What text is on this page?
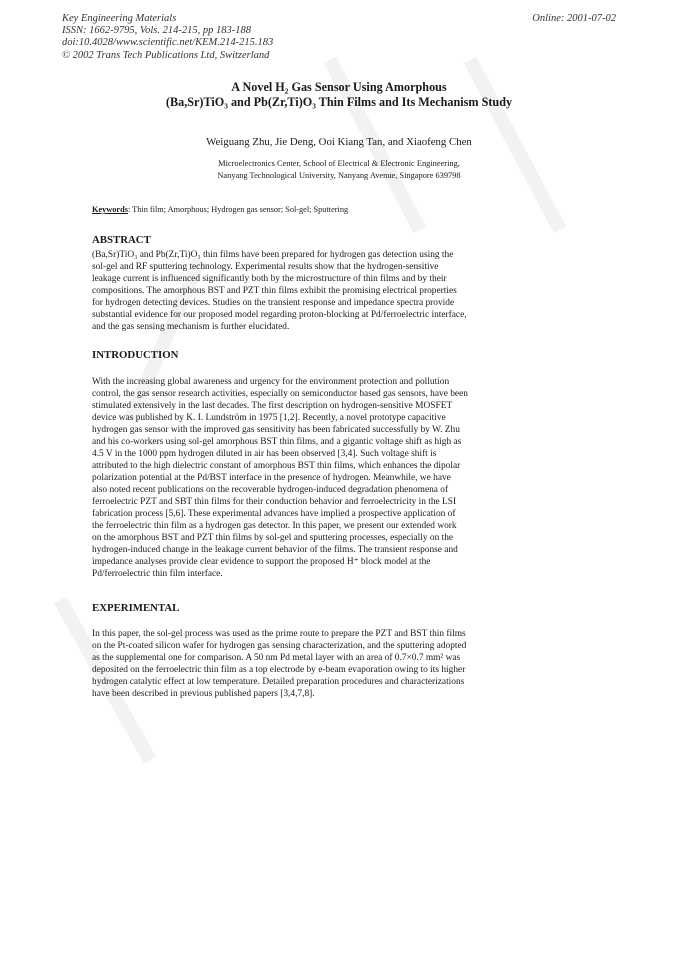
Key Engineering Materials
ISSN: 1662-9795, Vols. 214-215, pp 183-188
doi:10.4028/www.scientific.net/KEM.214-215.183
© 2002 Trans Tech Publications Ltd, Switzerland
Online: 2001-07-02
A Novel H₂ Gas Sensor Using Amorphous
(Ba,Sr)TiO₃ and Pb(Zr,Ti)O₃ Thin Films and Its Mechanism Study
Weiguang Zhu, Jie Deng, Ooi Kiang Tan, and Xiaofeng Chen
Microelectronics Center, School of Electrical & Electronic Engineering,
Nanyang Technological University, Nanyang Avenue, Singapore 639798
Keywords: Thin film; Amorphous; Hydrogen gas sensor; Sol-gel; Sputtering
ABSTRACT
(Ba,Sr)TiO₃ and Pb(Zr,Ti)O₃ thin films have been prepared for hydrogen gas detection using the
sol-gel and RF sputtering technology. Experimental results show that the hydrogen-sensitive
leakage current is influenced significantly both by the microstructure of thin films and by their
compositions. The amorphous BST and PZT thin films exhibit the promising electrical properties
for hydrogen detecting devices. Studies on the transient response and impedance spectra provide
substantial evidence for our proposed model regarding proton-blocking at Pd/ferroelectric interface,
and the gas sensing mechanism is further elucidated.
INTRODUCTION
With the increasing global awareness and urgency for the environment protection and pollution
control, the gas sensor research activities, especially on semiconductor based gas sensors, have been
stimulated extensively in the last decades. The first description on hydrogen-sensitive MOSFET
device was published by K. I. Lundström in 1975 [1,2]. Recently, a novel prototype capacitive
hydrogen gas sensor with the improved gas sensitivity has been fabricated successfully by W. Zhu
and his co-workers using sol-gel amorphous BST thin films, and a gigantic voltage shift as high as
4.5 V in the 1000 ppm hydrogen diluted in air has been observed [3,4]. Such voltage shift is
attributed to the high dielectric constant of amorphous BST thin films, which enhances the dipolar
polarization potential at the Pd/BST interface in the presence of hydrogen. Meanwhile, we have
also noted recent publications on the recoverable hydrogen-induced degradation phenomena of
ferroelectric PZT and SBT thin films for their conduction behavior and ferroelectricity in the LSI
fabrication process [5,6]. These experimental advances have implied a prospective application of
the ferroelectric thin film as a hydrogen gas detector. In this paper, we present our extended work
on the amorphous BST and PZT thin films by sol-gel and sputtering processes, especially on the
hydrogen-induced change in the leakage current behavior of the films. The transient response and
impedance analyses provide clear evidence to support the proposed H⁺ block model at the
Pd/ferroelectric thin film interface.
EXPERIMENTAL
In this paper, the sol-gel process was used as the prime route to prepare the PZT and BST thin films
on the Pt-coated silicon wafer for hydrogen gas sensing characterization, and the sputtering adopted
as the supplemental one for comparison. A 50 nm Pd metal layer with an area of 0.7×0.7 mm² was
deposited on the ferroelectric thin film as a top electrode by e-beam evaporation owing to its higher
hydrogen catalytic effect at low temperature. Detailed preparation procedures and characterizations
have been described in previous published papers [3,4,7,8].
